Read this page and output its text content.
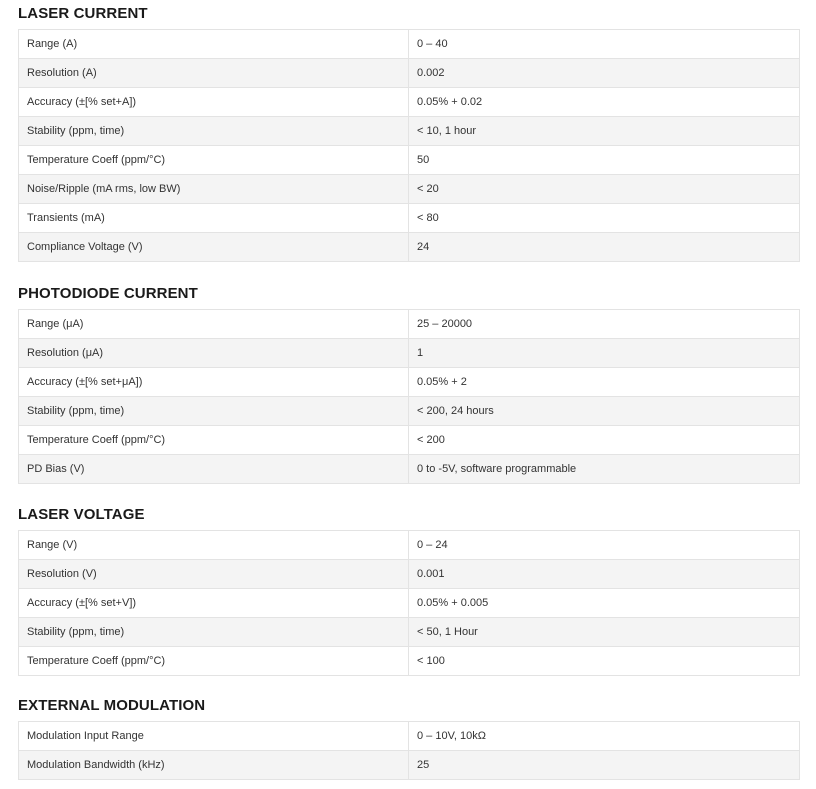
LASER CURRENT
Range (A)	0 – 40
Resolution (A)	0.002
Accuracy (±[% set+A])	0.05% + 0.02
Stability (ppm, time)	< 10, 1 hour
Temperature Coeff (ppm/°C)	50
Noise/Ripple (mA rms, low BW)	< 20
Transients (mA)	< 80
Compliance Voltage (V)	24
PHOTODIODE CURRENT
Range (μA)	25 – 20000
Resolution (μA)	1
Accuracy (±[% set+μA])	0.05% + 2
Stability (ppm, time)	< 200, 24 hours
Temperature Coeff (ppm/°C)	< 200
PD Bias (V)	0 to -5V, software programmable
LASER VOLTAGE
Range (V)	0 – 24
Resolution (V)	0.001
Accuracy (±[% set+V])	0.05% + 0.005
Stability (ppm, time)	< 50, 1 Hour
Temperature Coeff (ppm/°C)	< 100
EXTERNAL MODULATION
Modulation Input Range	0 – 10V, 10kΩ
Modulation Bandwidth (kHz)	25
